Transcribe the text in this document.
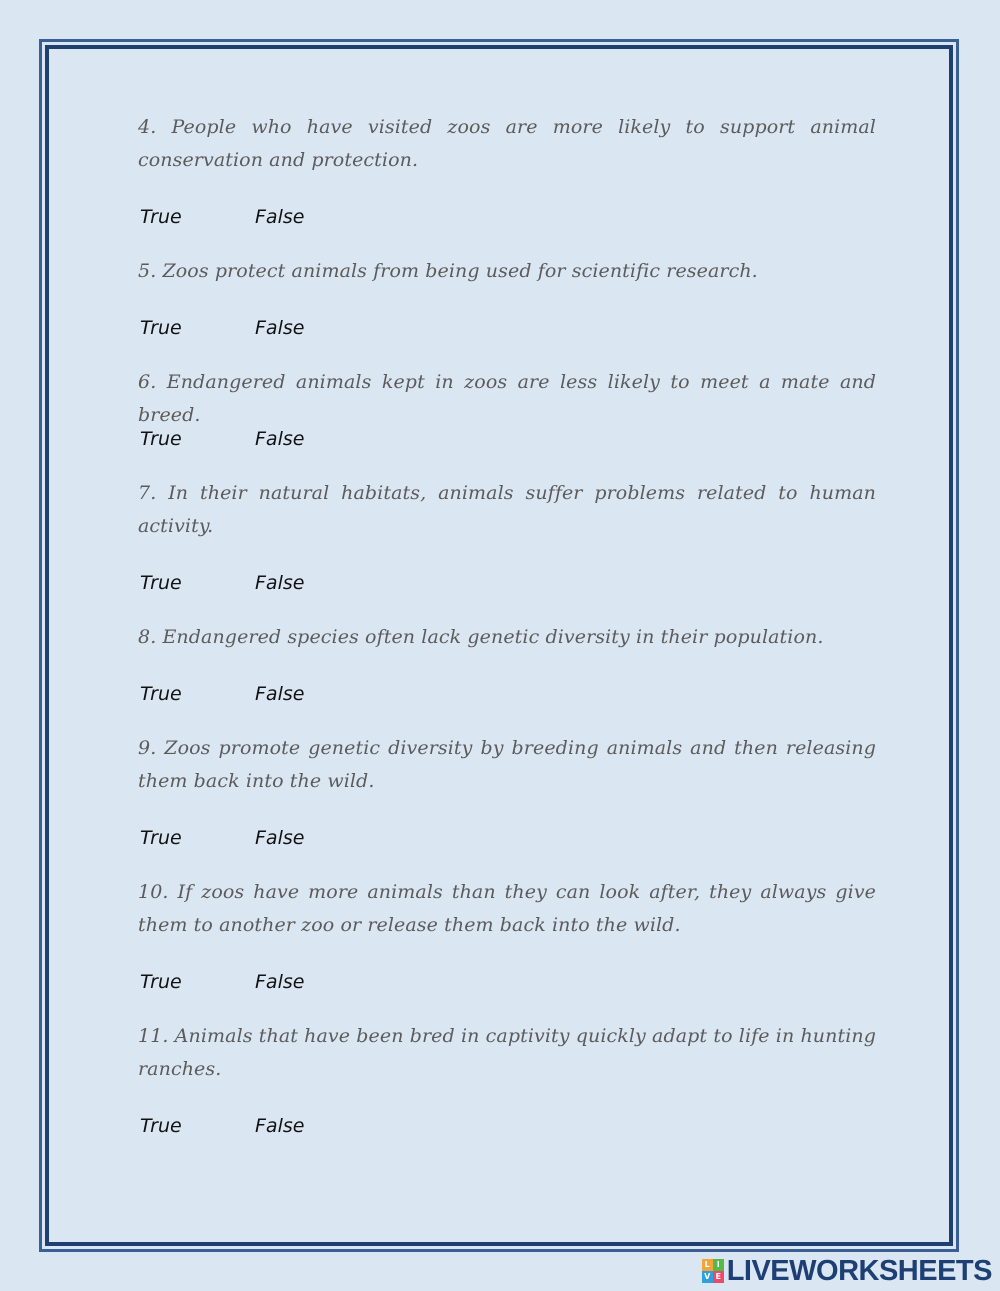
4. People who have visited zoos are more likely to support animal conservation and protection.

True	False

5. Zoos protect animals from being used for scientific research.

True	False

6. Endangered animals kept in zoos are less likely to meet a mate and breed.

True	False

7. In their natural habitats, animals suffer problems related to human activity.

True	False

8. Endangered species often lack genetic diversity in their population.

True	False

9. Zoos promote genetic diversity by breeding animals and then releasing them back into the wild.

True	False

10. If zoos have more animals than they can look after, they always give them to another zoo or release them back into the wild.

True	False

11. Animals that have been bred in captivity quickly adapt to life in hunting ranches.

True	False
L I
V E LIVEWORKSHEETS
